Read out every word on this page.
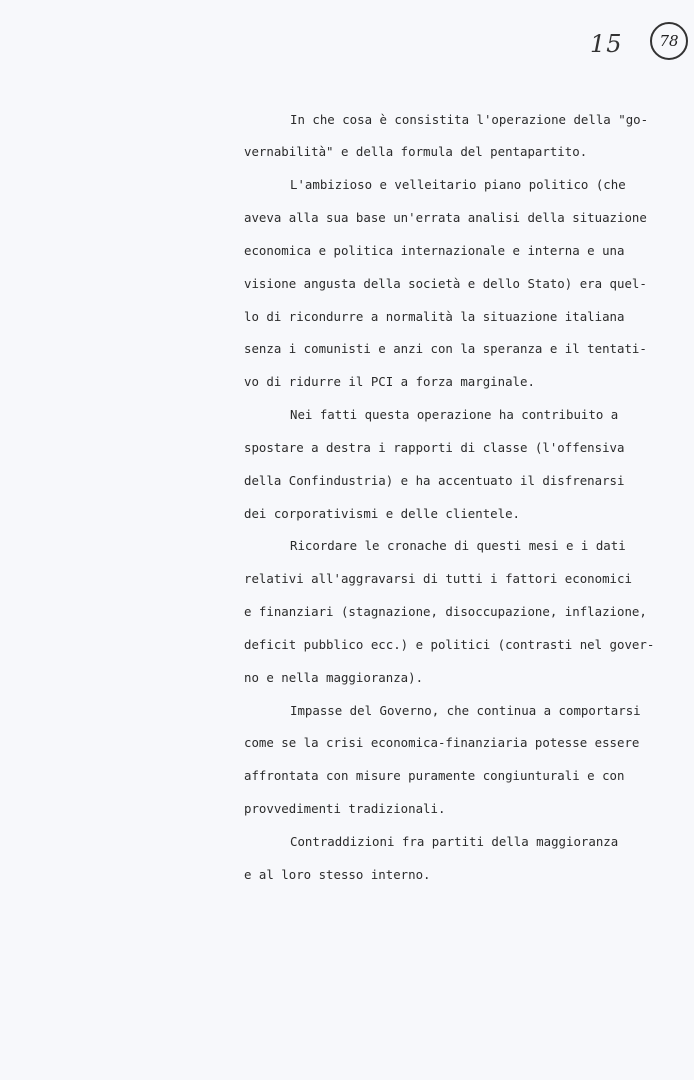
15	78
In che cosa è consistita l'operazione della "go-
vernabilità" e della formula del pentapartito.
L'ambizioso e velleitario piano politico (che
aveva alla sua base un'errata analisi della situazione
economica e politica internazionale e interna e una
visione angusta della società e dello Stato) era quel-
lo di ricondurre a normalità la situazione italiana
senza i comunisti e anzi con la speranza e il tentati-
vo di ridurre il PCI a forza marginale.
Nei fatti questa operazione ha contribuito a
spostare a destra i rapporti di classe (l'offensiva
della Confindustria) e ha accentuato il disfrenarsi
dei corporativismi e delle clientele.
Ricordare le cronache di questi mesi e i dati
relativi all'aggravarsi di tutti i fattori economici
e finanziari (stagnazione, disoccupazione, inflazione,
deficit pubblico ecc.) e politici (contrasti nel gover-
no e nella maggioranza).
Impasse del Governo, che continua a comportarsi
come se la crisi economica-finanziaria potesse essere
affrontata con misure puramente congiunturali e con
provvedimenti tradizionali.
Contraddizioni fra partiti della maggioranza
e al loro stesso interno.
